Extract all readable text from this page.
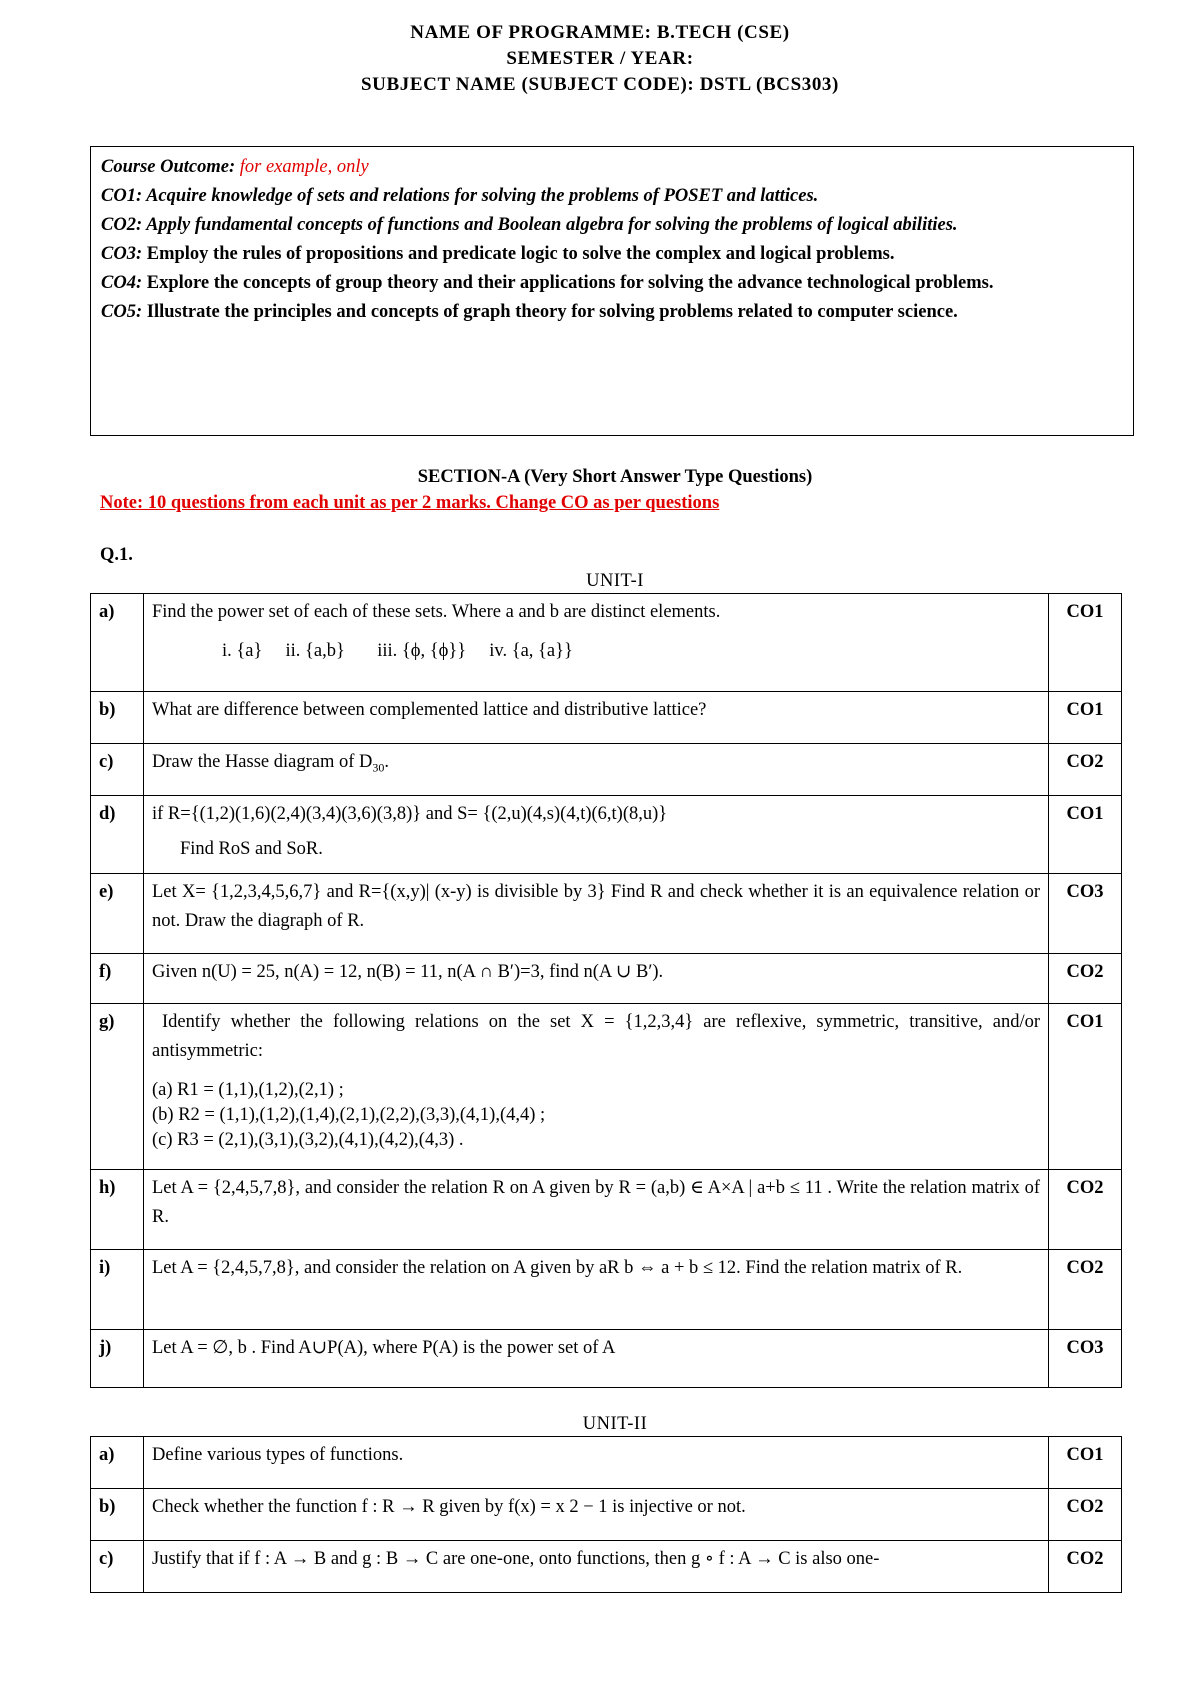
NAME OF PROGRAMME: B.TECH (CSE)
SEMESTER / YEAR:
SUBJECT NAME (SUBJECT CODE): DSTL (BCS303)
Course Outcome: for example, only
CO1: Acquire knowledge of sets and relations for solving the problems of POSET and lattices.
CO2: Apply fundamental concepts of functions and Boolean algebra for solving the problems of logical abilities.
CO3: Employ the rules of propositions and predicate logic to solve the complex and logical problems.
CO4: Explore the concepts of group theory and their applications for solving the advance technological problems.
CO5: Illustrate the principles and concepts of graph theory for solving problems related to computer science.
SECTION-A (Very Short Answer Type Questions)
Note: 10 questions from each unit as per 2 marks. Change CO as per questions
Q.1.
UNIT-I
a)	Find the power set of each of these sets. Where a and b are distinct elements.
i. {a}     ii. {a,b}       iii. {ϕ, {ϕ}}     iv. {a, {a}}	CO1
b)	What are difference between complemented lattice and distributive lattice?	CO1
c)	Draw the Hasse diagram of $D_{30}$.	CO2
d)	if R={(1,2)(1,6)(2,4)(3,4)(3,6)(3,8)} and S= {(2,u)(4,s)(4,t)(6,t)(8,u)}
Find RoS and SoR.	CO1
e)	Let X= {1,2,3,4,5,6,7} and R={(x,y)| (x-y) is divisible by 3} Find R and check whether it is an equivalence relation or not. Draw the diagraph of R.	CO3
f)	Given n(U) = 25, n(A) = 12, n(B) = 11, n(A ∩ B′)=3, find n(A ∪ B′).	CO2
g)	Identify whether the following relations on the set X = {1,2,3,4} are reflexive, symmetric, transitive, and/or antisymmetric:
(a) R1 = (1,1),(1,2),(2,1) ;
(b) R2 = (1,1),(1,2),(1,4),(2,1),(2,2),(3,3),(4,1),(4,4) ;
(c) R3 = (2,1),(3,1),(3,2),(4,1),(4,2),(4,3) .	CO1
h)	Let A = {2,4,5,7,8}, and consider the relation R on A given by R = (a,b) ∈ A×A | a+b ≤ 11 . Write the relation matrix of R.	CO2
i)	Let A = {2,4,5,7,8}, and consider the relation on A given by aR b ⇔ a + b ≤ 12. Find the relation matrix of R.	CO2
j)	Let A = ∅, b . Find A∪P(A), where P(A) is the power set of A	CO3
UNIT-II
a)	Define various types of functions.	CO1
b)	Check whether the function f : R → R given by f(x) = x 2 − 1 is injective or not.	CO2
c)	Justify that if f : A → B and g : B → C are one-one, onto functions, then g ∘ f : A → C is also one-	CO2
